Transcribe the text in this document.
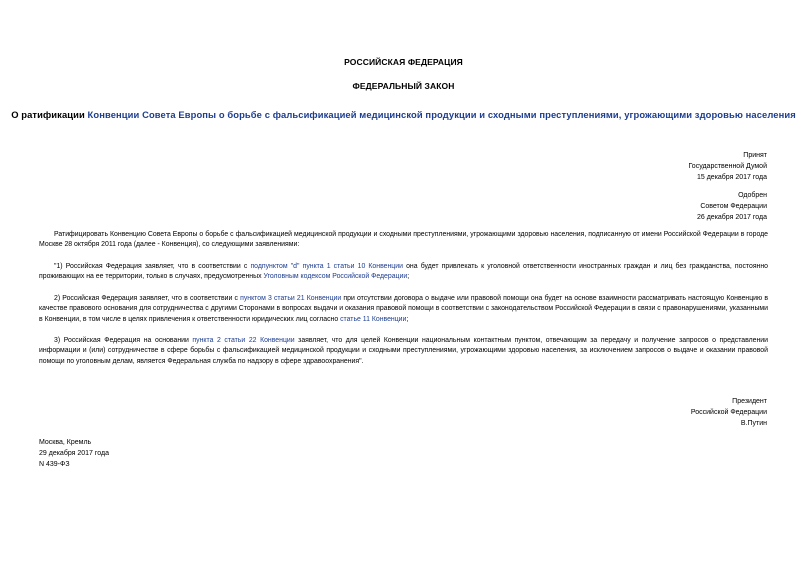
РОССИЙСКАЯ ФЕДЕРАЦИЯ
ФЕДЕРАЛЬНЫЙ ЗАКОН
О ратификации Конвенции Совета Европы о борьбе с фальсификацией медицинской продукции и сходными преступлениями, угрожающими здоровью населения
Принят
Государственной Думой
15 декабря 2017 года
Одобрен
Советом Федерации
26 декабря 2017 года
Ратифицировать Конвенцию Совета Европы о борьбе с фальсификацией медицинской продукции и сходными преступлениями, угрожающими здоровью населения, подписанную от имени Российской Федерации в городе Москве 28 октября 2011 года (далее - Конвенция), со следующими заявлениями:
"1) Российская Федерация заявляет, что в соответствии с подпунктом "d" пункта 1 статьи 10 Конвенции она будет привлекать к уголовной ответственности иностранных граждан и лиц без гражданства, постоянно проживающих на ее территории, только в случаях, предусмотренных Уголовным кодексом Российской Федерации;
2) Российская Федерация заявляет, что в соответствии с пунктом 3 статьи 21 Конвенции при отсутствии договора о выдаче или правовой помощи она будет на основе взаимности рассматривать настоящую Конвенцию в качестве правового основания для сотрудничества с другими Сторонами в вопросах выдачи и оказания правовой помощи в соответствии с законодательством Российской Федерации в связи с правонарушениями, указанными в Конвенции, в том числе в целях привлечения к ответственности юридических лиц согласно статье 11 Конвенции;
3) Российская Федерация на основании пункта 2 статьи 22 Конвенции заявляет, что для целей Конвенции национальным контактным пунктом, отвечающим за передачу и получение запросов о представлении информации и (или) сотрудничестве в сфере борьбы с фальсификацией медицинской продукции и сходными преступлениями, угрожающими здоровью населения, за исключением запросов о выдаче и оказании правовой помощи по уголовным делам, является Федеральная служба по надзору в сфере здравоохранения".
Президент
Российской Федерации
В.Путин
Москва, Кремль
29 декабря 2017 года
N 439-ФЗ
